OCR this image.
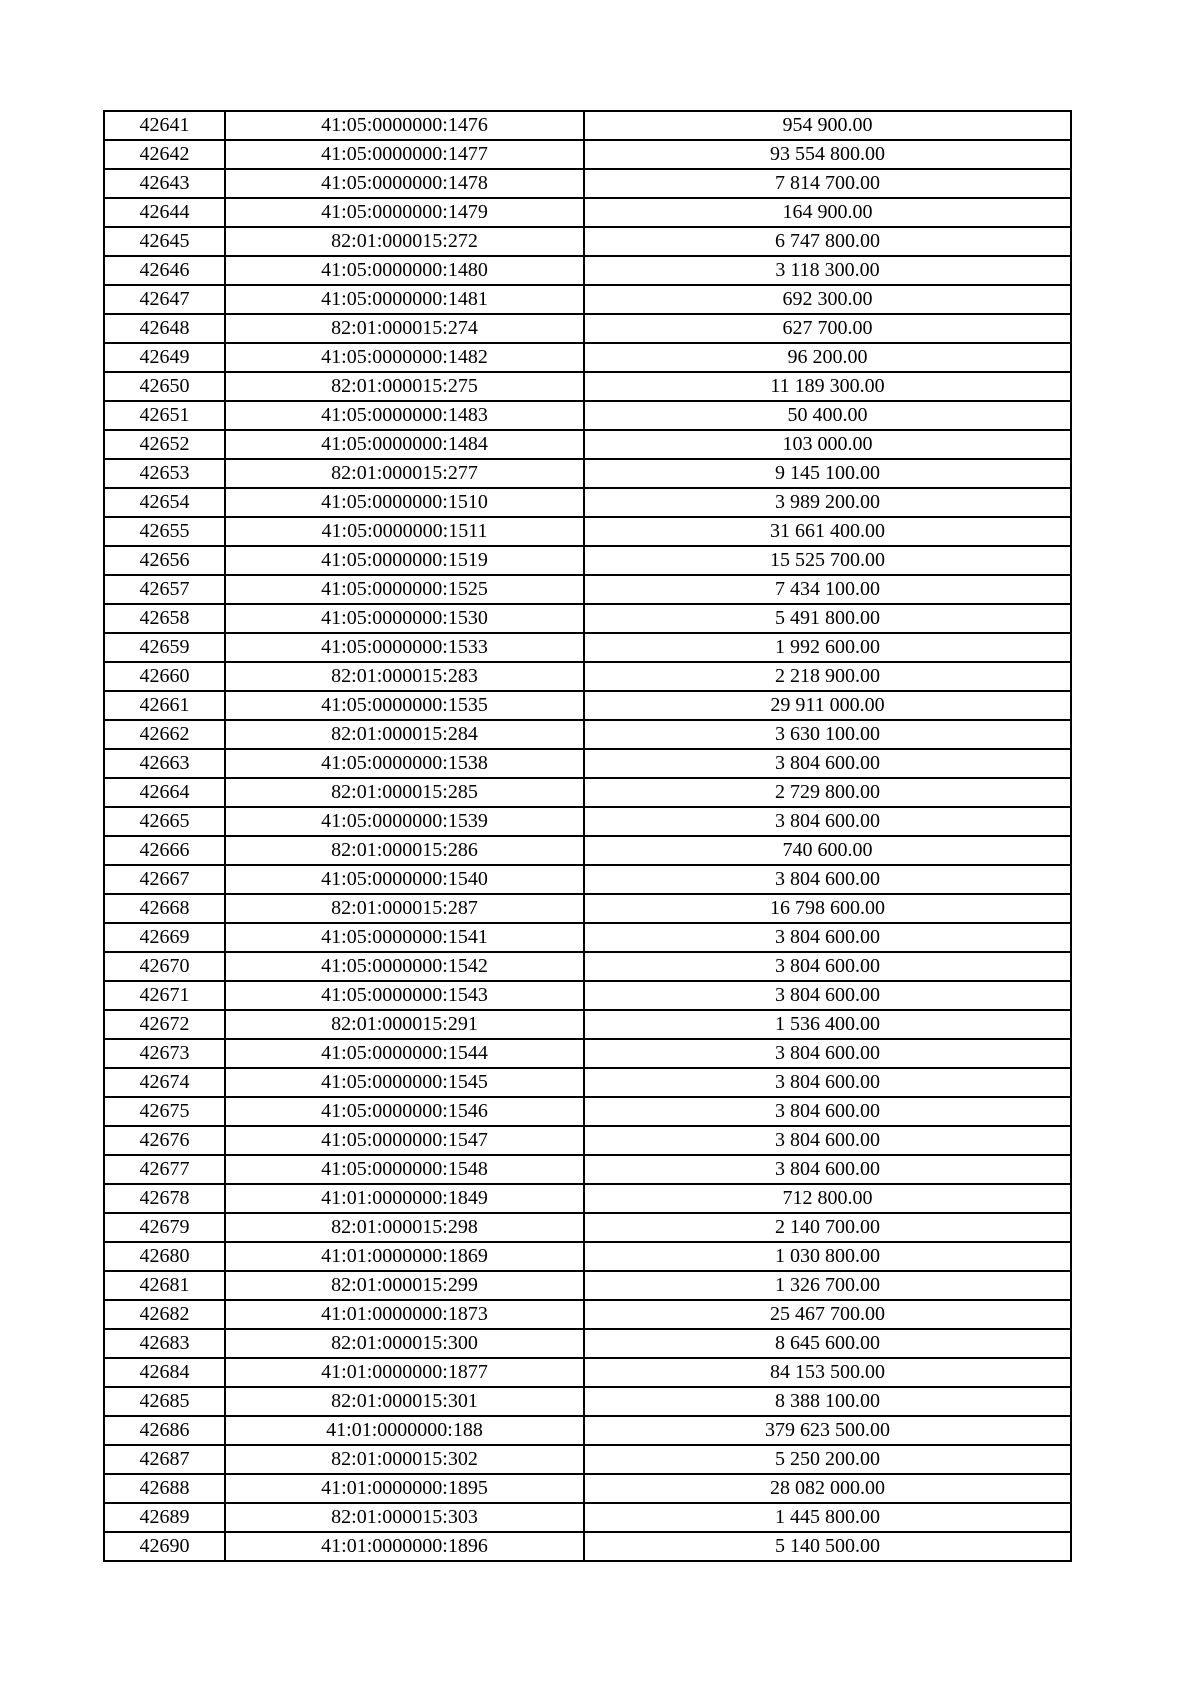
42641	41:05:0000000:1476	954 900.00
42642	41:05:0000000:1477	93 554 800.00
42643	41:05:0000000:1478	7 814 700.00
42644	41:05:0000000:1479	164 900.00
42645	82:01:000015:272	6 747 800.00
42646	41:05:0000000:1480	3 118 300.00
42647	41:05:0000000:1481	692 300.00
42648	82:01:000015:274	627 700.00
42649	41:05:0000000:1482	96 200.00
42650	82:01:000015:275	11 189 300.00
42651	41:05:0000000:1483	50 400.00
42652	41:05:0000000:1484	103 000.00
42653	82:01:000015:277	9 145 100.00
42654	41:05:0000000:1510	3 989 200.00
42655	41:05:0000000:1511	31 661 400.00
42656	41:05:0000000:1519	15 525 700.00
42657	41:05:0000000:1525	7 434 100.00
42658	41:05:0000000:1530	5 491 800.00
42659	41:05:0000000:1533	1 992 600.00
42660	82:01:000015:283	2 218 900.00
42661	41:05:0000000:1535	29 911 000.00
42662	82:01:000015:284	3 630 100.00
42663	41:05:0000000:1538	3 804 600.00
42664	82:01:000015:285	2 729 800.00
42665	41:05:0000000:1539	3 804 600.00
42666	82:01:000015:286	740 600.00
42667	41:05:0000000:1540	3 804 600.00
42668	82:01:000015:287	16 798 600.00
42669	41:05:0000000:1541	3 804 600.00
42670	41:05:0000000:1542	3 804 600.00
42671	41:05:0000000:1543	3 804 600.00
42672	82:01:000015:291	1 536 400.00
42673	41:05:0000000:1544	3 804 600.00
42674	41:05:0000000:1545	3 804 600.00
42675	41:05:0000000:1546	3 804 600.00
42676	41:05:0000000:1547	3 804 600.00
42677	41:05:0000000:1548	3 804 600.00
42678	41:01:0000000:1849	712 800.00
42679	82:01:000015:298	2 140 700.00
42680	41:01:0000000:1869	1 030 800.00
42681	82:01:000015:299	1 326 700.00
42682	41:01:0000000:1873	25 467 700.00
42683	82:01:000015:300	8 645 600.00
42684	41:01:0000000:1877	84 153 500.00
42685	82:01:000015:301	8 388 100.00
42686	41:01:0000000:188	379 623 500.00
42687	82:01:000015:302	5 250 200.00
42688	41:01:0000000:1895	28 082 000.00
42689	82:01:000015:303	1 445 800.00
42690	41:01:0000000:1896	5 140 500.00
